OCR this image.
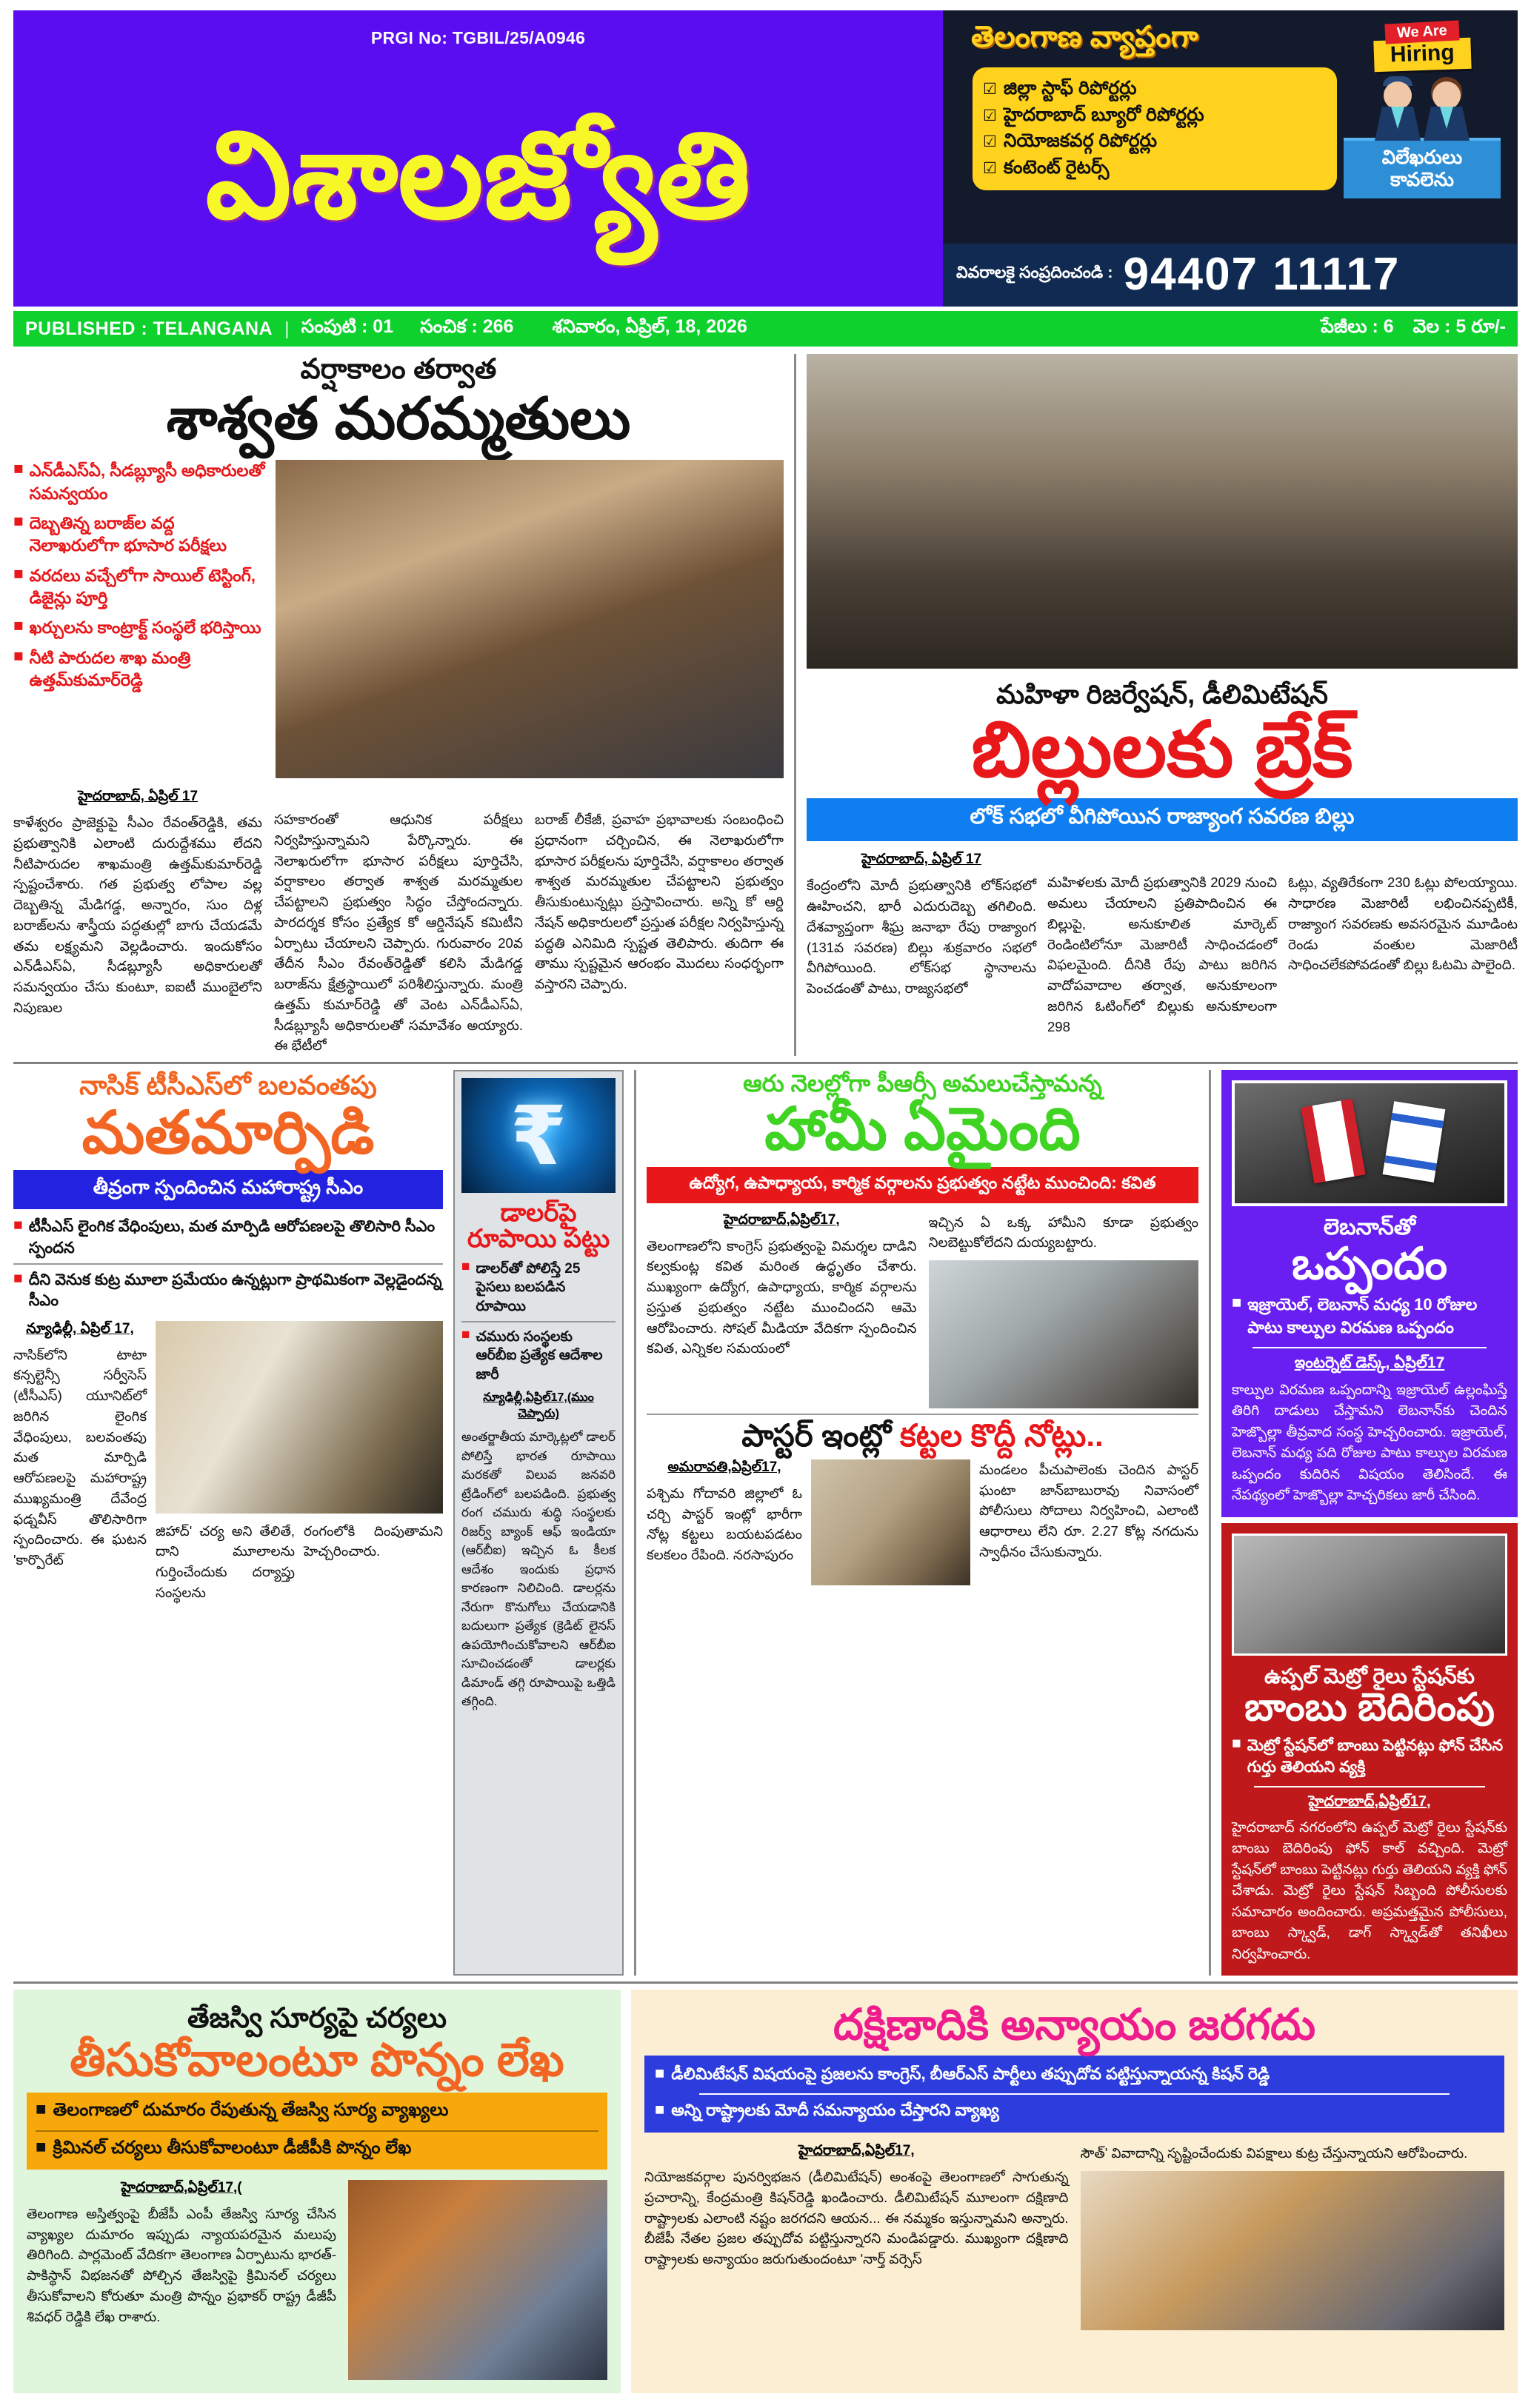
PRGI No: TGBIL/25/A0946
విశాలజ్యోతి
తెలంగాణ వ్యాప్తంగా
☑ జిల్లా స్టాఫ్ రిపోర్టర్లు
☑ హైదరాబాద్ బ్యూరో రిపోర్టర్లు
☑ నియోజకవర్గ రిపోర్టర్లు
☑ కంటెంట్ రైటర్స్
We Are
Hiring
విలేఖరులు
కావలెను
వివరాలకై సంప్రదించండి : 94407 11117
PUBLISHED : TELANGANA | సంపుటి : 01 సంచిక : 266 శనివారం, ఏప్రిల్, 18, 2026	పేజీలు : 6 వెల : 5 రూ/-
వర్షాకాలం తర్వాత
శాశ్వత మరమ్మతులు
■ ఎన్‌డీఎస్‌ఏ, సీడబ్ల్యూసీ అధికారులతో సమన్వయం
■ దెబ్బతిన్న బరాజ్‌ల వద్ద నెలాఖరులోగా భూసార పరీక్షలు
■ వరదలు వచ్చేలోగా సాయిల్ టెస్టింగ్, డిజైన్లు పూర్తి
■ ఖర్చులను కాంట్రాక్ట్ సంస్థలే భరిస్తాయి
■ నీటి పారుదల శాఖ మంత్రి ఉత్తమ్‌కుమార్‌రెడ్డి
హైదరాబాద్, ఏప్రిల్ 17
కాళేశ్వరం ప్రాజెక్టుపై సీఎం రేవంత్‌రెడ్డికి, తమ ప్రభుత్వానికి ఎలాంటి దురుద్దేశము లేదని నీటిపారుదల శాఖమంత్రి ఉత్తమ్‌కుమార్‌రెడ్డి స్పష్టంచేశారు. గత ప్రభుత్వ లోపాల వల్ల దెబ్బతిన్న మేడిగడ్డ, అన్నారం, సుం దిళ్ల బరాజ్‌లను శాస్త్రీయ పద్ధతుల్లో బాగు చేయడమే తమ లక్ష్యమని వెల్లడించారు. ఇందుకోసం ఎన్‌డీఎస్‌ఏ, సీడబ్ల్యూసీ అధికారులతో సమన్వయం చేసు కుంటూ, ఐఐటీ ముంబైలోని నిపుణుల
సహకారంతో ఆధునిక పరీక్షలు నిర్వహిస్తున్నామని పేర్కొన్నారు. ఈ నెలాఖరులోగా భూసార పరీక్షలు పూర్తిచేసి, వర్షాకాలం తర్వాత శాశ్వత మరమ్మతుల చేపట్టాలని ప్రభుత్వం సిద్ధం చేస్తోందన్నారు. పారదర్శక కోసం ప్రత్యేక కో ఆర్డినేషన్ కమిటీని ఏర్పాటు చేయాలని చెప్పారు. గురువారం 20వ తేదీన సీఎం రేవంత్‌రెడ్డితో కలిసి మేడిగడ్డ బరాజ్‌ను క్షేత్రస్థాయిలో పరిశీలిస్తున్నారు. మంత్రి ఉత్తమ్ కుమార్‌రెడ్డి తో వెంట ఎన్‌డీఎస్‌ఏ, సీడబ్ల్యూసీ అధికారులతో సమావేశం అయ్యారు. ఈ భేటీలో
బరాజ్ లీకేజీ, ప్రవాహ ప్రభావాలకు సంబంధించి ప్రధానంగా చర్చించిన, ఈ నెలాఖరులోగా భూసార పరీక్షలను పూర్తిచేసి, వర్షాకాలం తర్వాత శాశ్వత మరమ్మతుల చేపట్టాలని ప్రభుత్వం తీసుకుంటున్నట్లు ప్రస్తావించారు. అన్ని కో ఆర్డి నేషన్ అధికారులలో ప్రస్తుత పరీక్షల నిర్వహిస్తున్న పద్ధతి ఎనిమిది స్పష్టత తెలిపారు. తుదిగా ఈ తాము స్పష్టమైన ఆరంభం మొదలు సంధర్భంగా వస్తారని చెప్పారు.
మహిళా రిజర్వేషన్, డీలిమిటేషన్
బిల్లులకు బ్రేక్
లోక్ సభలో వీగిపోయిన రాజ్యాంగ సవరణ బిల్లు
హైదరాబాద్, ఏప్రిల్ 17
కేంద్రంలోని మోదీ ప్రభుత్వానికి లోక్‌సభలో ఊహించని, భారీ ఎదురుదెబ్బ తగిలింది. దేశవ్యాప్తంగా శీఘ్ర జనాభా రేపు రాజ్యాంగ (131వ సవరణ) బిల్లు శుక్రవారం సభలో వీగిపోయింది. లోక్‌సభ స్థానాలను పెంచడంతో పాటు, రాజ్యసభలో
మహిళలకు మోదీ ప్రభుత్వానికి 2029 నుంచి అమలు చేయాలని ప్రతిపాదించిన ఈ బిల్లుపై, అనుకూలిత మార్కెట్ రెండింటిలోనూ మెజారిటీ సాధించడంలో విఫలమైంది. దీనికి రేపు పాటు జరిగిన వాదోపవాదాల తర్వాత, అనుకూలంగా జరిగిన ఓటింగ్‌లో బిల్లుకు అనుకూలంగా 298
ఓట్లు, వ్యతిరేకంగా 230 ఓట్లు పోలయ్యాయి. సాధారణ మెజారిటీ లభించినప్పటికీ, రాజ్యాంగ సవరణకు అవసరమైన మూడింట రెండు వంతుల మెజారిటీ సాధించలేకపోవడంతో బిల్లు ఓటమి పాలైంది.
నాసిక్ టీసీఎస్‌లో బలవంతపు
మతమార్పిడి
తీవ్రంగా స్పందించిన మహారాష్ట్ర సీఎం
■ టీసీఎస్ లైంగిక వేధింపులు, మత మార్పిడి ఆరోపణలపై తొలిసారి సీఎం స్పందన
■ దీని వెనుక కుట్ర మూలా ప్రమేయం ఉన్నట్లుగా ప్రాథమికంగా వెల్లడైందన్న సీఎం
న్యూఢిల్లీ, ఏప్రిల్ 17,
నాసిక్‌లోని టాటా కన్సల్టెన్సీ సర్వీసెస్ (టీసీఎస్) యూనిట్‌లో జరిగిన లైంగిక వేధింపులు, బలవంతపు మత మార్పిడి ఆరోపణలపై మహారాష్ట్ర ముఖ్యమంత్రి దేవేంద్ర ఫడ్నవీస్ తొలిసారిగా స్పందించారు. ఈ ఘటన 'కార్పొరేట్
జిహాద్' చర్య అని తేలితే, దాని మూలాలను గుర్తించేందుకు దర్యాప్తు సంస్థలను
రంగంలోకి దింపుతామని హెచ్చరించారు.
₹
డాలర్‌పై
రూపాయి పట్టు
■ డాలర్‌తో పోలిస్తే 25 పైసలు బలపడిన రూపాయి
■ చమురు సంస్థలకు ఆర్‌బీఐ ప్రత్యేక ఆదేశాల జారీ
న్యూఢిల్లీ,ఏప్రిల్17,(ముం చెప్పారు)
అంతర్జాతీయ మార్కెట్లలో డాలర్ పోలిస్తే భారత రూపాయి మరకతో విలువ జనవరి ట్రేడింగ్‌లో బలపడింది. ప్రభుత్వ రంగ చమురు శుద్ధి సంస్థలకు రిజర్వ్ బ్యాంక్ ఆఫ్ ఇండియా (ఆర్‌బీఐ) ఇచ్చిన ఓ కీలక ఆదేశం ఇందుకు ప్రధాన కారణంగా నిలిచింది. డాలర్లను నేరుగా కొనుగోలు చేయడానికి బదులుగా ప్రత్యేక (క్రెడిట్ లైనస్ ఉపయోగించుకోవాలని ఆర్‌బీఐ సూచించడంతో డాలర్లకు డిమాండ్ తగ్గి రూపాయిపై ఒత్తిడి తగ్గింది.
ఆరు నెలల్లోగా పీఆర్సీ అమలుచేస్తామన్న
హామీ ఏమైంది
ఉద్యోగ, ఉపాధ్యాయ, కార్మిక వర్గాలను ప్రభుత్వం నట్టేట ముంచింది: కవిత
హైదరాబాద్,ఏప్రిల్17,
తెలంగాణలోని కాంగ్రెస్ ప్రభుత్వంపై విమర్శల దాడిని కల్వకుంట్ల కవిత మరింత ఉద్ధృతం చేశారు. ముఖ్యంగా ఉద్యోగ, ఉపాధ్యాయ, కార్మిక వర్గాలను ప్రస్తుత ప్రభుత్వం నట్టేట ముంచిందని ఆమె ఆరోపించారు. సోషల్ మీడియా వేదికగా స్పందించిన కవిత, ఎన్నికల సమయంలో
ఇచ్చిన ఏ ఒక్క హామీని కూడా ప్రభుత్వం నిలబెట్టుకోలేదని దుయ్యబట్టారు.
పాస్టర్ ఇంట్లో కట్టల కొద్దీ నోట్లు..
అమరావతి,ఏప్రిల్17,
పశ్చిమ గోదావరి జిల్లాలో ఓ చర్చి పాస్టర్ ఇంట్లో భారీగా నోట్ల కట్టలు బయటపడటం కలకలం రేపింది. నరసాపురం
మండలం పీచుపాలెంకు చెందిన పాస్టర్ ఘంటా జాన్‌బాబురావు నివాసంలో పోలీసులు సోదాలు నిర్వహించి, ఎలాంటి ఆధారాలు లేని రూ. 2.27 కోట్ల నగదును స్వాధీనం చేసుకున్నారు.
లెబనాన్‌తో
ఒప్పందం
■ ఇజ్రాయెల్, లెబనాన్ మధ్య 10 రోజుల పాటు కాల్పుల విరమణ ఒప్పందం
ఇంటర్నెట్ డెస్క్, ఏప్రిల్17
కాల్పుల విరమణ ఒప్పందాన్ని ఇజ్రాయెల్ ఉల్లంఘిస్తే తిరిగి దాడులు చేస్తామని లెబనాన్‌కు చెందిన హెజ్బొల్లా తీవ్రవాద సంస్థ హెచ్చరించారు. ఇజ్రాయెల్, లెబనాన్ మధ్య పది రోజుల పాటు కాల్పుల విరమణ ఒప్పందం కుదిరిన విషయం తెలిసిందే. ఈ నేపథ్యంలో హెజ్బొల్లా హెచ్చరికలు జారీ చేసింది.
ఉప్పల్ మెట్రో రైలు స్టేషన్‌కు
బాంబు బెదిరింపు
■ మెట్రో స్టేషన్‌లో బాంబు పెట్టినట్లు ఫోన్ చేసిన గుర్తు తెలియని వ్యక్తి
హైదరాబాద్,ఏప్రిల్17,
హైదరాబాద్ నగరంలోని ఉప్పల్ మెట్రో రైలు స్టేషన్‌కు బాంబు బెదిరింపు ఫోన్ కాల్ వచ్చింది. మెట్రో స్టేషన్‌లో బాంబు పెట్టినట్లు గుర్తు తెలియని వ్యక్తి ఫోన్ చేశాడు. మెట్రో రైలు స్టేషన్ సిబ్బంది పోలీసులకు సమాచారం అందించారు. అప్రమత్తమైన పోలీసులు, బాంబు స్క్వాడ్, డాగ్ స్క్వాడ్‌తో తనిఖీలు నిర్వహించారు.
తేజస్వి సూర్యపై చర్యలు
తీసుకోవాలంటూ పొన్నం లేఖ
■ తెలంగాణలో దుమారం రేపుతున్న తేజస్వి సూర్య వ్యాఖ్యలు
■ క్రిమినల్ చర్యలు తీసుకోవాలంటూ డీజీపీకి పొన్నం లేఖ
హైదరాబాద్,ఏప్రిల్17,(
తెలంగాణ అస్తిత్వంపై బీజేపీ ఎంపీ తేజస్వి సూర్య చేసిన వ్యాఖ్యల దుమారం ఇప్పుడు న్యాయపరమైన మలుపు తిరిగింది. పార్లమెంట్ వేదికగా తెలంగాణ ఏర్పాటును భారత్-పాకిస్థాన్ విభజనతో పోల్చిన తేజస్విపై క్రిమినల్ చర్యలు తీసుకోవాలని కోరుతూ మంత్రి పొన్నం ప్రభాకర్ రాష్ట్ర డీజీపీ శివధర్ రెడ్డికి లేఖ రాశారు.
దక్షిణాదికి అన్యాయం జరగదు
■ డీలిమిటేషన్ విషయంపై ప్రజలను కాంగ్రెస్, బీఆర్‌ఎస్ పార్టీలు తప్పుదోవ పట్టిస్తున్నాయన్న కిషన్ రెడ్డి
■ అన్ని రాష్ట్రాలకు మోదీ సమన్యాయం చేస్తారని వ్యాఖ్య
హైదరాబాద్,ఏప్రిల్17,
నియోజకవర్గాల పునర్విభజన (డీలిమిటేషన్) అంశంపై తెలంగాణలో సాగుతున్న ప్రచారాన్ని, కేంద్రమంత్రి కిషన్‌రెడ్డి ఖండించారు. డీలిమిటేషన్ మూలంగా దక్షిణాది రాష్ట్రాలకు ఎలాంటి నష్టం జరగదని ఆయన... ఈ నమ్మకం ఇస్తున్నామని అన్నారు. బీజేపీ నేతల ప్రజల తప్పుదోవ పట్టిస్తున్నారని మండిపడ్డారు. ముఖ్యంగా దక్షిణాది రాష్ట్రాలకు అన్యాయం జరుగుతుందంటూ 'నార్త్ వర్సెస్
సౌత్' వివాదాన్ని సృష్టించేందుకు విపక్షాలు కుట్ర చేస్తున్నాయని ఆరోపించారు.
